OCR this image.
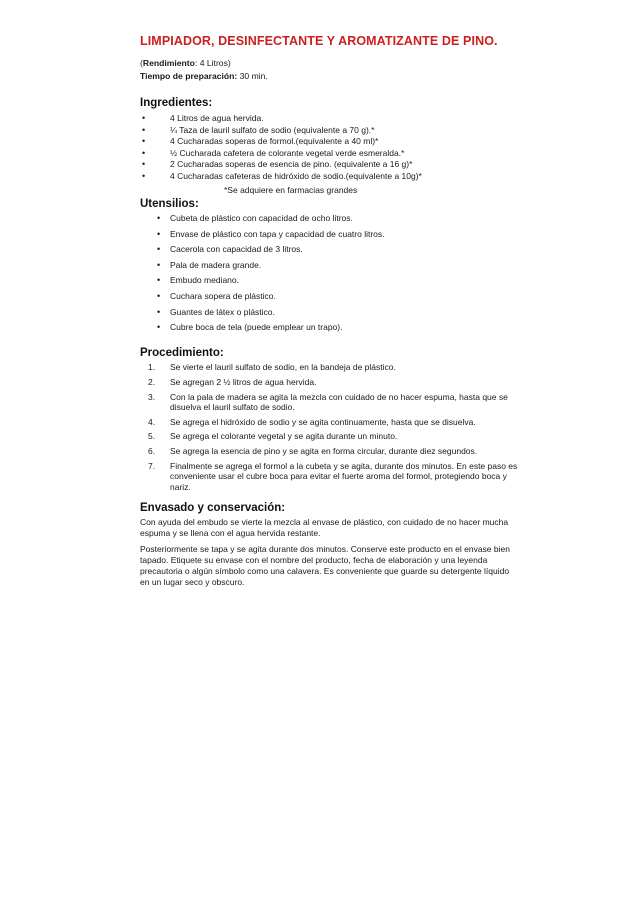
LIMPIADOR, DESINFECTANTE Y AROMATIZANTE DE PINO.
(Rendimiento: 4 Litros)
Tiempo de preparación: 30 min.
Ingredientes:
• 4 Litros de agua hervida.
• ¼ Taza de lauril sulfato de sodio (equivalente a 70 g).*
• 4 Cucharadas soperas de formol.(equivalente a 40 ml)*
• ½ Cucharada cafetera de colorante vegetal verde esmeralda.*
• 2 Cucharadas soperas de esencia de pino. (equivalente a 16 g)*
• 4 Cucharadas cafeteras de hidróxido de sodio.(equivalente a 10g)*
*Se adquiere en farmacias grandes
Utensilios:
• Cubeta de plástico con capacidad de ocho litros.
• Envase de plástico con tapa y capacidad de cuatro litros.
• Cacerola con capacidad de 3 litros.
• Pala de madera grande.
• Embudo mediano.
• Cuchara sopera de plástico.
• Guantes de látex o plástico.
• Cubre boca de tela (puede emplear un trapo).
Procedimiento:
1. Se vierte el lauril sulfato de sodio, en la bandeja de plástico.
2. Se agregan 2 ½ litros de agua hervida.
3. Con la pala de madera se agita la mezcla con cuidado de no hacer espuma, hasta que se disuelva el lauril sulfato de sodio.
4. Se agrega el hidróxido de sodio y se agita continuamente, hasta que se disuelva.
5. Se agrega el colorante vegetal y se agita durante un minuto.
6. Se agrega la esencia de pino y se agita en forma circular, durante diez segundos.
7. Finalmente se agrega el formol a la cubeta y se agita, durante dos minutos. En este paso es conveniente usar el cubre boca para evitar el fuerte aroma del formol, protegiendo boca y nariz.
Envasado y conservación:

Con ayuda del embudo se vierte la mezcla al envase de plástico, con cuidado de no hacer mucha espuma y se llena con el agua hervida restante.

Posteriormente se tapa y se agita durante dos minutos. Conserve este producto en el envase bien tapado. Etiquete su envase con el nombre del producto, fecha de elaboración y una leyenda precautoria o algún símbolo como una calavera. Es conveniente que guarde su detergente líquido en un lugar seco y obscuro.
